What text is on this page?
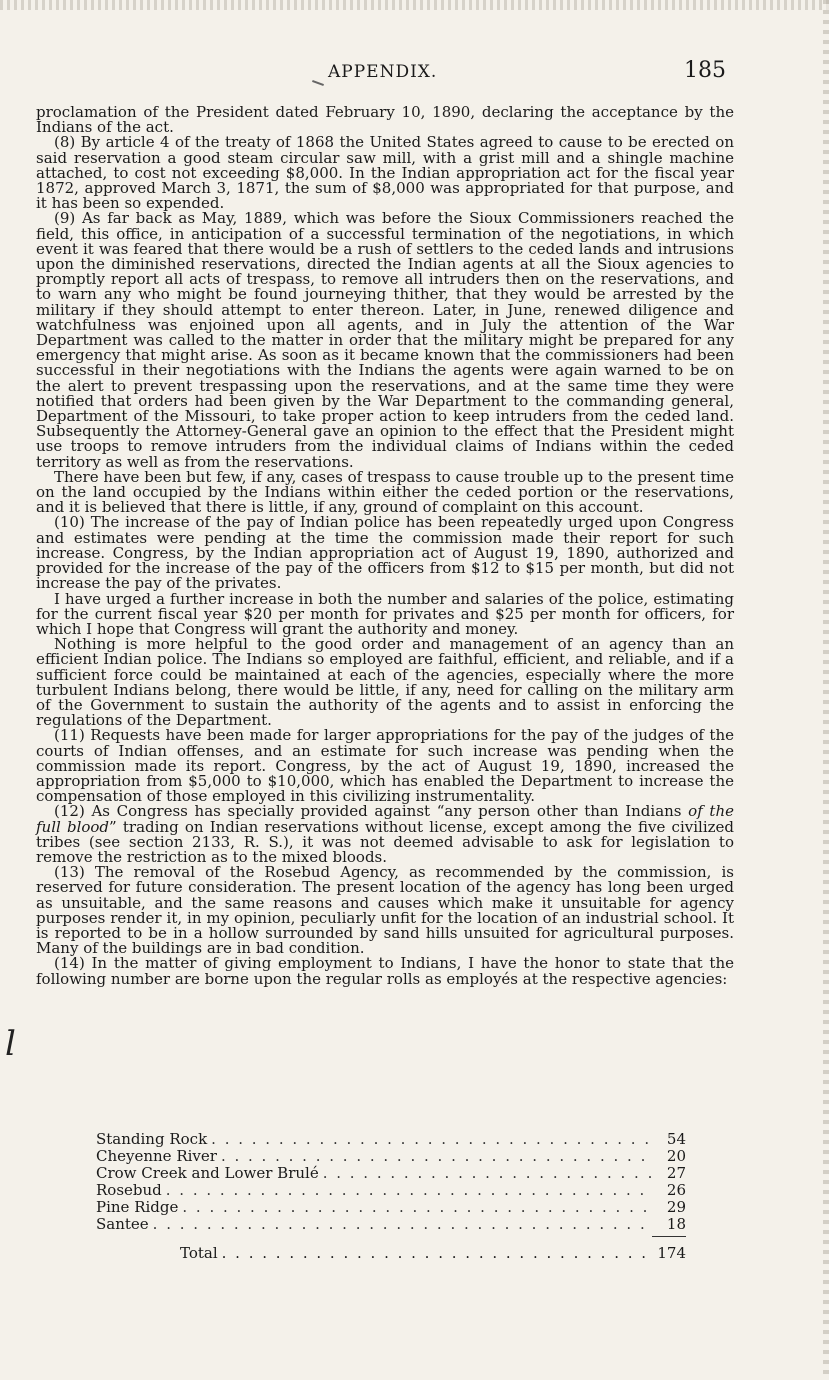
APPENDIX.	185

proclamation of the President dated February 10, 1890, declaring the acceptance by the Indians of the act.

(8) By article 4 of the treaty of 1868 the United States agreed to cause to be erected on said reservation a good steam circular saw mill, with a grist mill and a shingle machine attached, to cost not exceeding $8,000. In the Indian appropriation act for the fiscal year 1872, approved March 3, 1871, the sum of $8,000 was appropriated for that purpose, and it has been so expended.

(9) As far back as May, 1889, which was before the Sioux Commissioners reached the field, this office, in anticipation of a successful termination of the negotiations, in which event it was feared that there would be a rush of settlers to the ceded lands and intrusions upon the diminished reservations, directed the Indian agents at all the Sioux agencies to promptly report all acts of trespass, to remove all intruders then on the reservations, and to warn any who might be found journeying thither, that they would be arrested by the military if they should attempt to enter thereon. Later, in June, renewed diligence and watchfulness was enjoined upon all agents, and in July the attention of the War Department was called to the matter in order that the military might be prepared for any emergency that might arise. As soon as it became known that the commissioners had been successful in their negotiations with the Indians the agents were again warned to be on the alert to prevent trespassing upon the reservations, and at the same time they were notified that orders had been given by the War Department to the commanding general, Department of the Missouri, to take proper action to keep intruders from the ceded land. Subsequently the Attorney-General gave an opinion to the effect that the President might use troops to remove intruders from the individual claims of Indians within the ceded territory as well as from the reservations.

There have been but few, if any, cases of trespass to cause trouble up to the present time on the land occupied by the Indians within either the ceded portion or the reservations, and it is believed that there is little, if any, ground of complaint on this account.

(10) The increase of the pay of Indian police has been repeatedly urged upon Congress and estimates were pending at the time the commission made their report for such increase. Congress, by the Indian appropriation act of August 19, 1890, authorized and provided for the increase of the pay of the officers from $12 to $15 per month, but did not increase the pay of the privates.

I have urged a further increase in both the number and salaries of the police, estimating for the current fiscal year $20 per month for privates and $25 per month for officers, for which I hope that Congress will grant the authority and money.

Nothing is more helpful to the good order and management of an agency than an efficient Indian police. The Indians so employed are faithful, efficient, and reliable, and if a sufficient force could be maintained at each of the agencies, especially where the more turbulent Indians belong, there would be little, if any, need for calling on the military arm of the Government to sustain the authority of the agents and to assist in enforcing the regulations of the Department.

(11) Requests have been made for larger appropriations for the pay of the judges of the courts of Indian offenses, and an estimate for such increase was pending when the commission made its report. Congress, by the act of August 19, 1890, increased the appropriation from $5,000 to $10,000, which has enabled the Department to increase the compensation of those employed in this civilizing instrumentality.

(12) As Congress has specially provided against “any person other than Indians of the full blood” trading on Indian reservations without license, except among the five civilized tribes (see section 2133, R. S.), it was not deemed advisable to ask for legislation to remove the restriction as to the mixed bloods.

(13) The removal of the Rosebud Agency, as recommended by the commission, is reserved for future consideration. The present location of the agency has long been urged as unsuitable, and the same reasons and causes which make it unsuitable for agency purposes render it, in my opinion, peculiarly unfit for the location of an industrial school. It is reported to be in a hollow surrounded by sand hills unsuited for agricultural purposes. Many of the buildings are in bad condition.

(14) In the matter of giving employment to Indians, I have the honor to state that the following number are borne upon the regular rolls as employés at the respective agencies:

Standing Rock . . .	54
Cheyenne River . . .	20
Crow Creek and Lower Brulé . . .	27
Rosebud . . .	26
Pine Ridge . . .	29
Santee . . .	18
Total . . .	174
l
